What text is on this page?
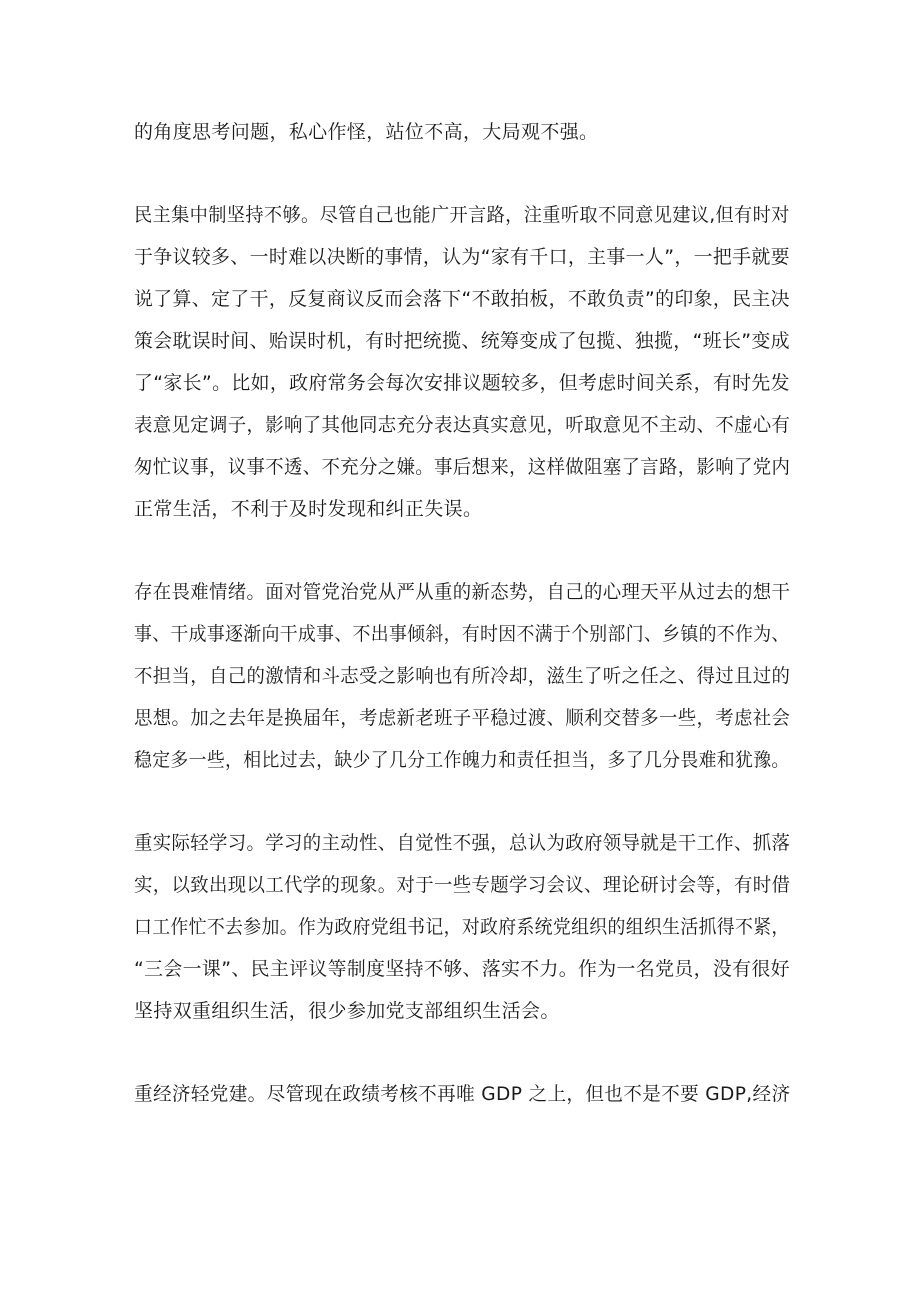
的角度思考问题，私心作怪，站位不高，大局观不强。
民主集中制坚持不够。尽管自己也能广开言路，注重听取不同意见建议,但有时对
于争议较多、一时难以决断的事情，认为“家有千口，主事一人”，一把手就要
说了算、定了干，反复商议反而会落下“不敢拍板，不敢负责”的印象，民主决
策会耽误时间、贻误时机，有时把统揽、统筹变成了包揽、独揽，“班长”变成
了“家长”。比如，政府常务会每次安排议题较多，但考虑时间关系，有时先发
表意见定调子，影响了其他同志充分表达真实意见，听取意见不主动、不虚心有
匆忙议事，议事不透、不充分之嫌。事后想来，这样做阻塞了言路，影响了党内
正常生活，不利于及时发现和纠正失误。
存在畏难情绪。面对管党治党从严从重的新态势，自己的心理天平从过去的想干
事、干成事逐渐向干成事、不出事倾斜，有时因不满于个别部门、乡镇的不作为、
不担当，自己的激情和斗志受之影响也有所冷却，滋生了听之任之、得过且过的
思想。加之去年是换届年，考虑新老班子平稳过渡、顺利交替多一些，考虑社会
稳定多一些，相比过去，缺少了几分工作魄力和责任担当，多了几分畏难和犹豫。
重实际轻学习。学习的主动性、自觉性不强，总认为政府领导就是干工作、抓落
实，以致出现以工代学的现象。对于一些专题学习会议、理论研讨会等，有时借
口工作忙不去参加。作为政府党组书记，对政府系统党组织的组织生活抓得不紧，
“三会一课”、民主评议等制度坚持不够、落实不力。作为一名党员，没有很好
坚持双重组织生活，很少参加党支部组织生活会。
重经济轻党建。尽管现在政绩考核不再唯 GDP 之上，但也不是不要 GDP,经济
